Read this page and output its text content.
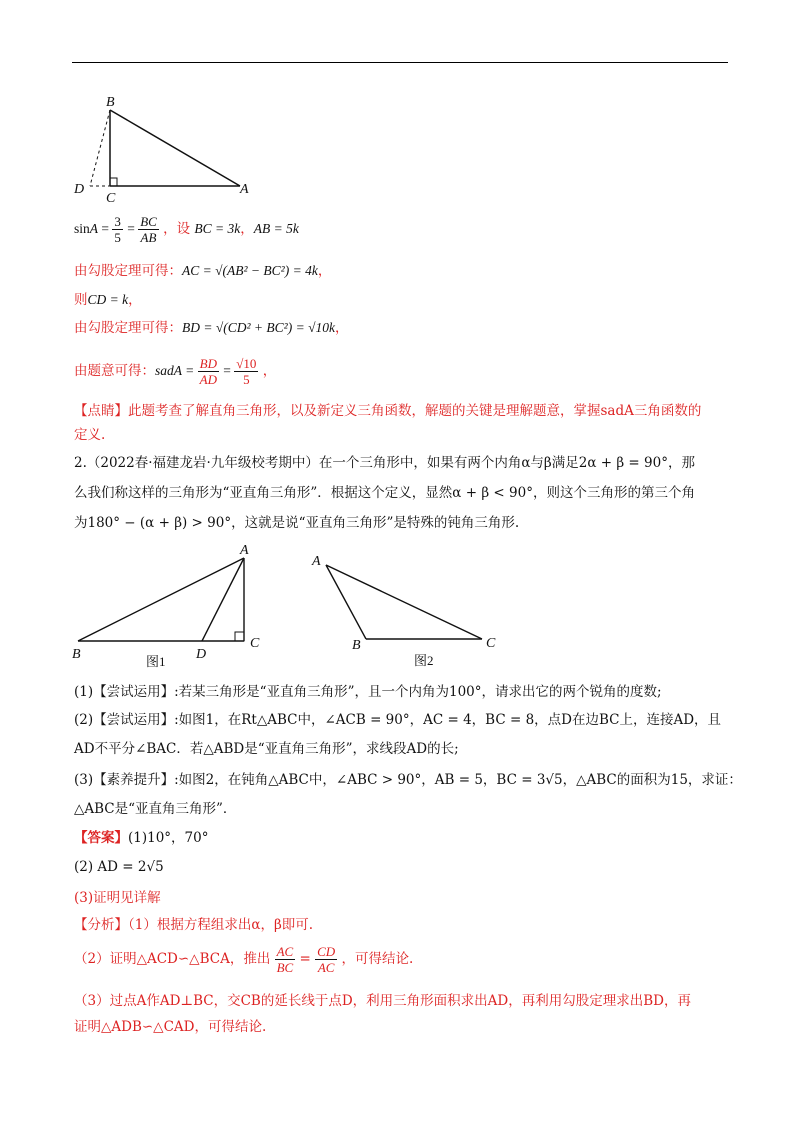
B
D
C
A
$\sin A = \frac{3}{5} = \frac{BC}{AB}$ ，设 BC = 3k，AB = 5k
由勾股定理可得：AC = √(AB² − BC²) = 4k，
则CD = k，
由勾股定理可得：BD = √(CD² + BC²) = √10k，
由题意可得：sadA = $\frac{BD}{AD} = \frac{√10}{5}$ ，
【点睛】此题考查了解直角三角形，以及新定义三角函数，解题的关键是理解题意，掌握sadA三角函数的
定义.
2.（2022春·福建龙岩·九年级校考期中）在一个三角形中，如果有两个内角α与β满足2α + β = 90°，那
么我们称这样的三角形为“亚直角三角形”．根据这个定义，显然α + β < 90°，则这个三角形的第三个角
为180° − (α + β) > 90°，这就是说“亚直角三角形”是特殊的钝角三角形.
A
B	D
C
图1
A
B	C
图2
(1)【尝试运用】:若某三角形是“亚直角三角形”，且一个内角为100°，请求出它的两个锐角的度数;
(2)【尝试运用】:如图1，在Rt△ABC中，∠ACB = 90°，AC = 4，BC = 8，点D在边BC上，连接AD，且
AD不平分∠BAC．若△ABD是“亚直角三角形”，求线段AD的长;
(3)【素养提升】:如图2，在钝角△ABC中，∠ABC > 90°，AB = 5，BC = 3√5，△ABC的面积为15，求证：
△ABC是“亚直角三角形”．
【答案】(1)10°，70°
(2) AD = 2√5
(3)证明见详解
【分析】（1）根据方程组求出α，β即可.
（2）证明△ACD∽△BCA，推出 $\frac{AC}{BC} = \frac{CD}{AC}$ ，可得结论.
（3）过点A作AD⊥BC，交CB的延长线于点D，利用三角形面积求出AD，再利用勾股定理求出BD，再
证明△ADB∽△CAD，可得结论.
